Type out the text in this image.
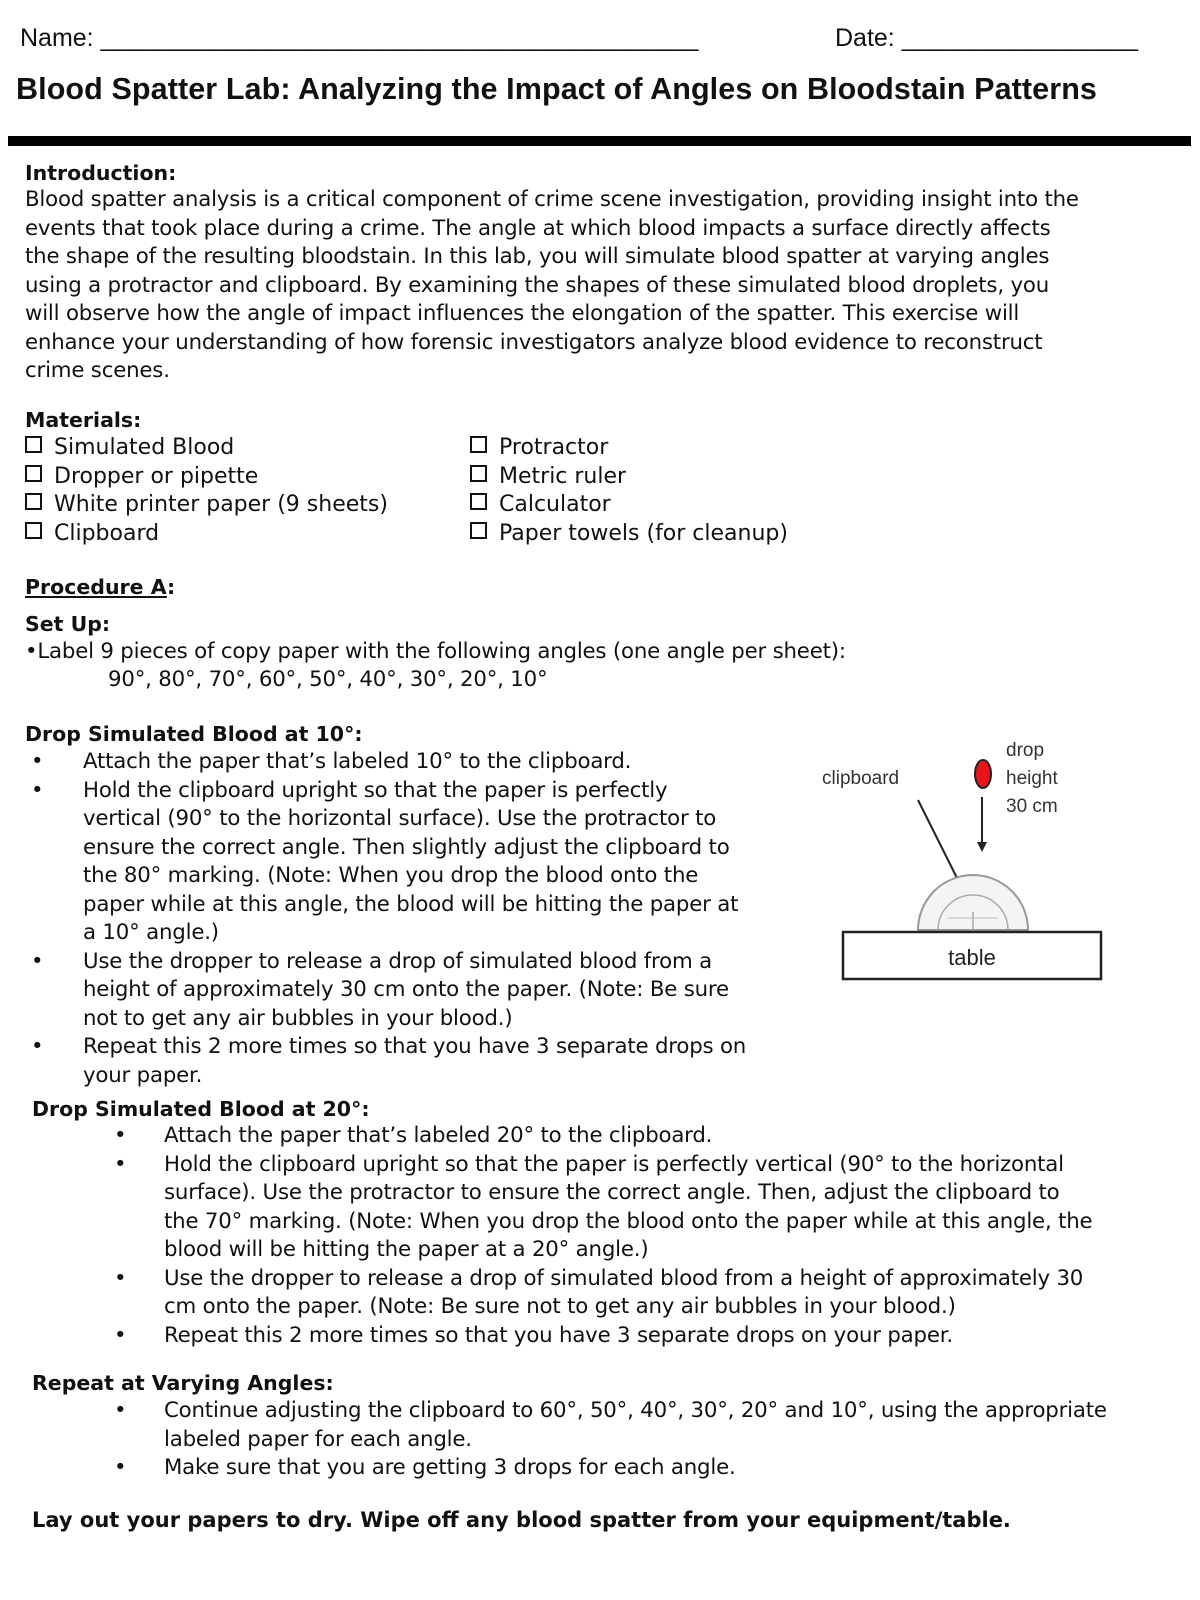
Name: ___________________________________________	Date: _________________
Blood Spatter Lab: Analyzing the Impact of Angles on Bloodstain Patterns
Introduction:
Blood spatter analysis is a critical component of crime scene investigation, providing insight into the
events that took place during a crime. The angle at which blood impacts a surface directly affects
the shape of the resulting bloodstain. In this lab, you will simulate blood spatter at varying angles
using a protractor and clipboard. By examining the shapes of these simulated blood droplets, you
will observe how the angle of impact influences the elongation of the spatter. This exercise will
enhance your understanding of how forensic investigators analyze blood evidence to reconstruct
crime scenes.
Materials:
Simulated Blood
Dropper or pipette
White printer paper (9 sheets)
Clipboard
Protractor
Metric ruler
Calculator
Paper towels (for cleanup)
Procedure A:
Set Up:
•Label 9 pieces of copy paper with the following angles (one angle per sheet):
90°, 80°, 70°, 60°, 50°, 40°, 30°, 20°, 10°
Drop Simulated Blood at 10°:
• Attach the paper that’s labeled 10° to the clipboard.
• Hold the clipboard upright so that the paper is perfectly
vertical (90° to the horizontal surface). Use the protractor to
ensure the correct angle. Then slightly adjust the clipboard to
the 80° marking. (Note: When you drop the blood onto the
paper while at this angle, the blood will be hitting the paper at
a 10° angle.)
• Use the dropper to release a drop of simulated blood from a
height of approximately 30 cm onto the paper. (Note: Be sure
not to get any air bubbles in your blood.)
• Repeat this 2 more times so that you have 3 separate drops on
your paper.
clipboard
drop
height
30 cm
table
Drop Simulated Blood at 20°:
• Attach the paper that’s labeled 20° to the clipboard.
• Hold the clipboard upright so that the paper is perfectly vertical (90° to the horizontal
surface). Use the protractor to ensure the correct angle. Then, adjust the clipboard to
the 70° marking. (Note: When you drop the blood onto the paper while at this angle, the
blood will be hitting the paper at a 20° angle.)
• Use the dropper to release a drop of simulated blood from a height of approximately 30
cm onto the paper. (Note: Be sure not to get any air bubbles in your blood.)
• Repeat this 2 more times so that you have 3 separate drops on your paper.
Repeat at Varying Angles:
• Continue adjusting the clipboard to 60°, 50°, 40°, 30°, 20° and 10°, using the appropriate
labeled paper for each angle.
• Make sure that you are getting 3 drops for each angle.
Lay out your papers to dry. Wipe off any blood spatter from your equipment/table.
